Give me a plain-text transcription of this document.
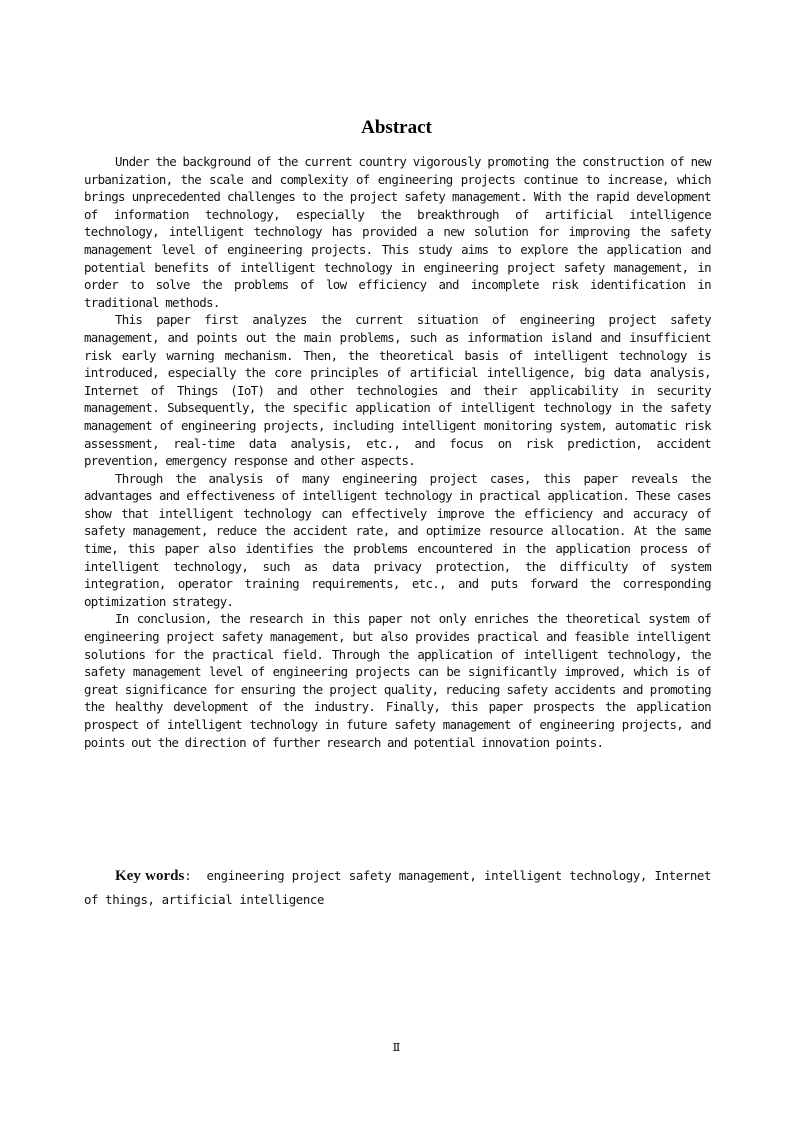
Abstract

Under the background of the current country vigorously promoting the construction of new urbanization, the scale and complexity of engineering projects continue to increase, which brings unprecedented challenges to the project safety management. With the rapid development of information technology, especially the breakthrough of artificial intelligence technology, intelligent technology has provided a new solution for improving the safety management level of engineering projects. This study aims to explore the application and potential benefits of intelligent technology in engineering project safety management, in order to solve the problems of low efficiency and incomplete risk identification in traditional methods.

This paper first analyzes the current situation of engineering project safety management, and points out the main problems, such as information island and insufficient risk early warning mechanism. Then, the theoretical basis of intelligent technology is introduced, especially the core principles of artificial intelligence, big data analysis, Internet of Things (IoT) and other technologies and their applicability in security management. Subsequently, the specific application of intelligent technology in the safety management of engineering projects, including intelligent monitoring system, automatic risk assessment, real-time data analysis, etc., and focus on risk prediction, accident prevention, emergency response and other aspects.

Through the analysis of many engineering project cases, this paper reveals the advantages and effectiveness of intelligent technology in practical application. These cases show that intelligent technology can effectively improve the efficiency and accuracy of safety management, reduce the accident rate, and optimize resource allocation. At the same time, this paper also identifies the problems encountered in the application process of intelligent technology, such as data privacy protection, the difficulty of system integration, operator training requirements, etc., and puts forward the corresponding optimization strategy.

In conclusion, the research in this paper not only enriches the theoretical system of engineering project safety management, but also provides practical and feasible intelligent solutions for the practical field. Through the application of intelligent technology, the safety management level of engineering projects can be significantly improved, which is of great significance for ensuring the project quality, reducing safety accidents and promoting the healthy development of the industry. Finally, this paper prospects the application prospect of intelligent technology in future safety management of engineering projects, and points out the direction of further research and potential innovation points.

Key words: engineering project safety management, intelligent technology, Internet of things, artificial intelligence

Ⅱ
